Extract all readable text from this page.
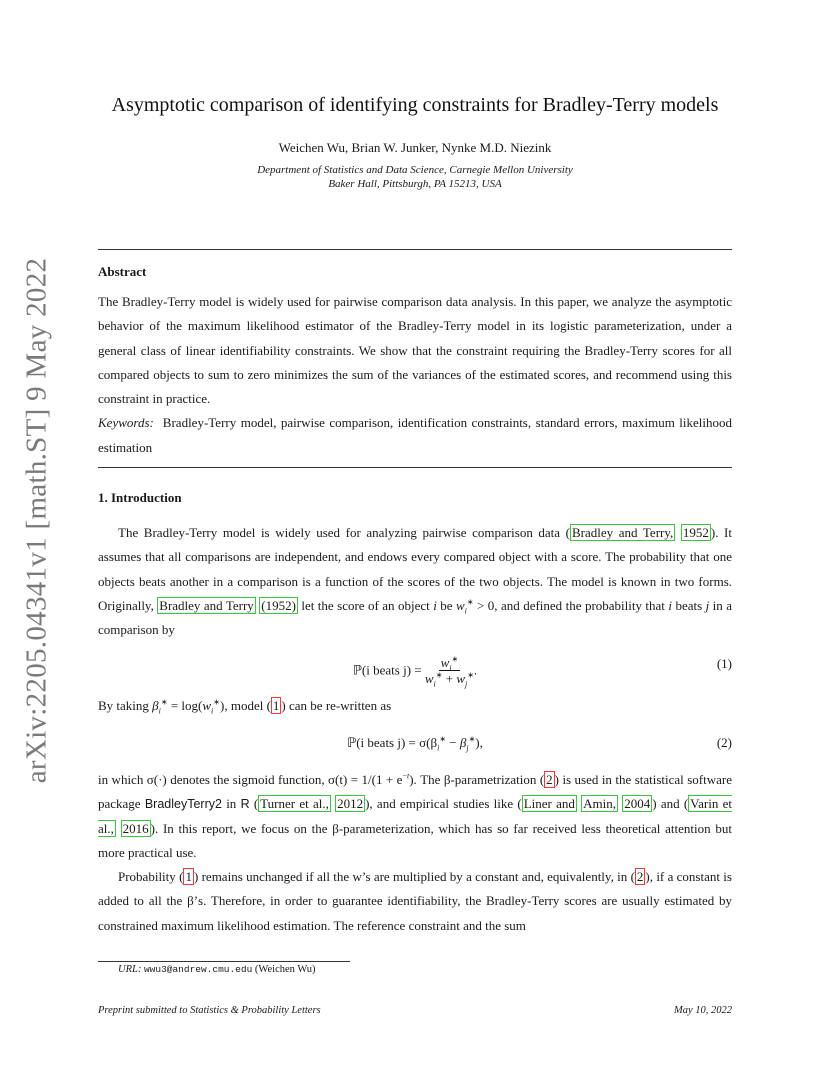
arXiv:2205.04341v1 [math.ST] 9 May 2022
Asymptotic comparison of identifying constraints for Bradley-Terry models
Weichen Wu, Brian W. Junker, Nynke M.D. Niezink
Department of Statistics and Data Science, Carnegie Mellon University
Baker Hall, Pittsburgh, PA 15213, USA
Abstract

The Bradley-Terry model is widely used for pairwise comparison data analysis. In this paper, we analyze the asymptotic behavior of the maximum likelihood estimator of the Bradley-Terry model in its logistic parameterization, under a general class of linear identifiability constraints. We show that the constraint requiring the Bradley-Terry scores for all compared objects to sum to zero minimizes the sum of the variances of the estimated scores, and recommend using this constraint in practice.

Keywords: Bradley-Terry model, pairwise comparison, identification constraints, standard errors, maximum likelihood estimation

1. Introduction
The Bradley-Terry model is widely used for analyzing pairwise comparison data ( Bradley and Terry, 1952 ). It assumes that all comparisons are independent, and endows every compared object with a score. The probability that one objects beats another in a comparison is a function of the scores of the two objects. The model is known in two forms. Originally, Bradley and Terry (1952) let the score of an object i be $w_i^∗ > 0$, and defined the probability that i beats j in a comparison by
ℙ(i beats $j) = \frac{w_i^∗}{w_i^∗ + w_j^∗}$ .	(1)
By taking $\beta_i^∗ = \log(w_i^∗)$, model ( 1 ) can be re-written as
ℙ(i beats $j) = \sigma(\beta_i^∗ - \beta_j^∗)$,	(2)
in which σ(·) denotes the sigmoid function, $\sigma(t) = 1/(1 + e^{-t})$. The β-parametrization ( 2 ) is used in the statistical software package BradleyTerry2 in R ( Turner et al., 2012 ), and empirical studies like ( Liner and Amin, 2004 ) and ( Varin et al., 2016 ). In this report, we focus on the β-parameterization, which has so far received less theoretical attention but more practical use.
Probability ( 1 ) remains unchanged if all the w’s are multiplied by a constant and, equivalently, in ( 2 ), if a constant is added to all the β’s. Therefore, in order to guarantee identifiability, the Bradley-Terry scores are usually estimated by constrained maximum likelihood estimation. The reference constraint and the sum
URL: wwu3@andrew.cmu.edu (Weichen Wu)
Preprint submitted to Statistics & Probability Letters	May 10, 2022
